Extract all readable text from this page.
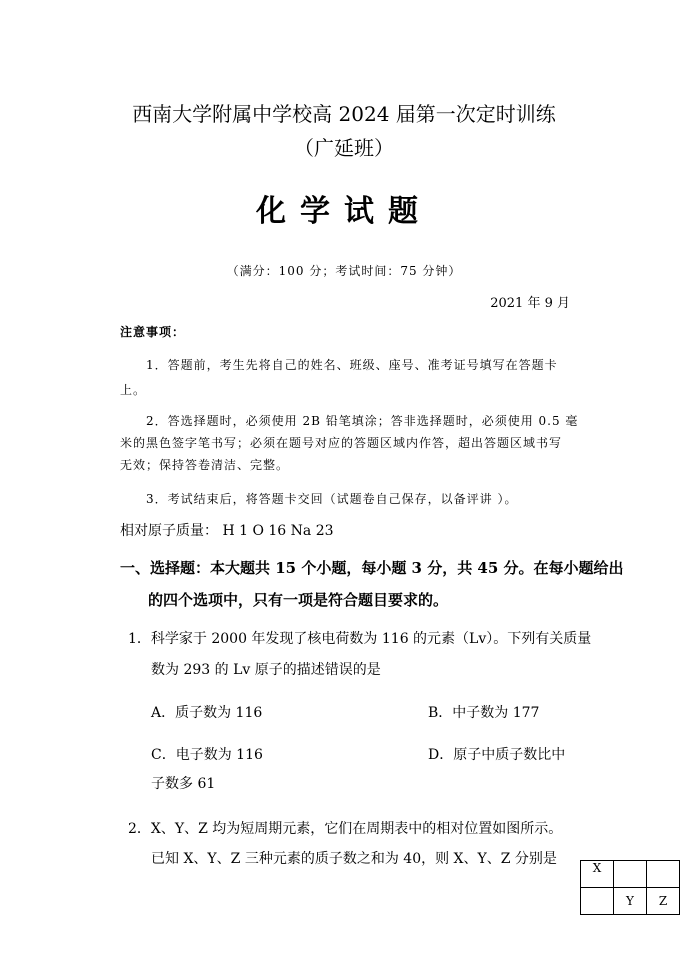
西南大学附属中学校高 2024 届第一次定时训练
（广延班）
化学试题
（满分：100 分；考试时间：75 分钟）
2021 年 9 月
注意事项：
1．答题前，考生先将自己的姓名、班级、座号、准考证号填写在答题卡
上。
2．答选择题时，必须使用 2B 铅笔填涂；答非选择题时，必须使用 0.5 毫
米的黑色签字笔书写；必须在题号对应的答题区域内作答，超出答题区域书写
无效；保持答卷清洁、完整。
3．考试结束后，将答题卡交回（试题卷自己保存，以备评讲 ）。
相对原子质量： H 1 O 16 Na 23
一、选择题：本大题共 15 个小题，每小题 3 分，共 45 分。在每小题给出
的四个选项中，只有一项是符合题目要求的。
1．科学家于 2000 年发现了核电荷数为 116 的元素（Lv）。下列有关质量
数为 293 的 Lv 原子的描述错误的是
A．质子数为 116	B．中子数为 177
C．电子数为 116	D．原子中质子数比中
子数多 61
2．X、Y、Z 均为短周期元素，它们在周期表中的相对位置如图所示。
已知 X、Y、Z 三种元素的质子数之和为 40，则 X、Y、Z 分别是
X		
	Y	Z
